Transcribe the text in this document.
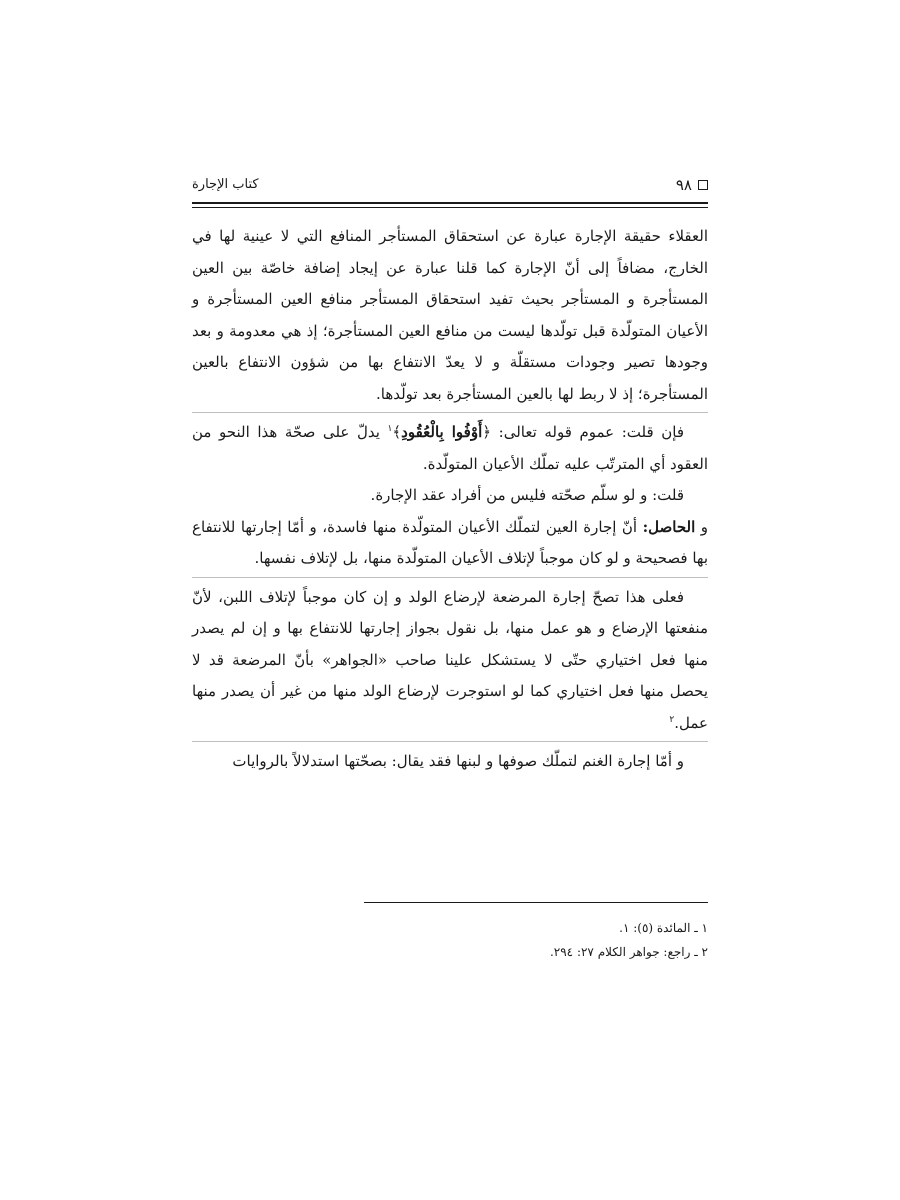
٩٨
كتاب الإجارة

العقلاء حقيقة الإجارة عبارة عن استحقاق المستأجر المنافع التي لا عينية لها في الخارج، مضافاً إلى أنّ الإجارة كما قلنا عبارة عن إيجاد إضافة خاصّة بين العين المستأجرة و المستأجر بحيث تفيد استحقاق المستأجر منافع العين المستأجرة و الأعيان المتولّدة قبل تولّدها ليست من منافع العين المستأجرة؛ إذ هي معدومة و بعد وجودها تصير وجودات مستقلّة و لا يعدّ الانتفاع بها من شؤون الانتفاع بالعين المستأجرة؛ إذ لا ربط لها بالعين المستأجرة بعد تولّدها.

فإن قلت: عموم قوله تعالى: ﴿أَوْفُوا بِالْعُقُودِ﴾$^١$ يدلّ على صحّة هذا النحو من العقود أي المترتّب عليه تملّك الأعيان المتولّدة.

قلت: و لو سلّم صحّته فليس من أفراد عقد الإجارة.

و الحاصل: أنّ إجارة العين لتملّك الأعيان المتولّدة منها فاسدة، و أمّا إجارتها للانتفاع بها فصحيحة و لو كان موجباً لإتلاف الأعيان المتولّدة منها، بل لإتلاف نفسها.

فعلى هذا تصحّ إجارة المرضعة لإرضاع الولد و إن كان موجباً لإتلاف اللبن، لأنّ منفعتها الإرضاع و هو عمل منها، بل نقول بجواز إجارتها للانتفاع بها و إن لم يصدر منها فعل اختياري حتّى لا يستشكل علينا صاحب «الجواهر» بأنّ المرضعة قد لا يحصل منها فعل اختياري كما لو استوجرت لإرضاع الولد منها من غير أن يصدر منها عمل.$^٢$

و أمّا إجارة الغنم لتملّك صوفها و لبنها فقد يقال: بصحّتها استدلالاً بالروايات

١ ـ المائدة (٥): ١.

٢ ـ راجع: جواهر الكلام ٢٧: ٢٩٤.
